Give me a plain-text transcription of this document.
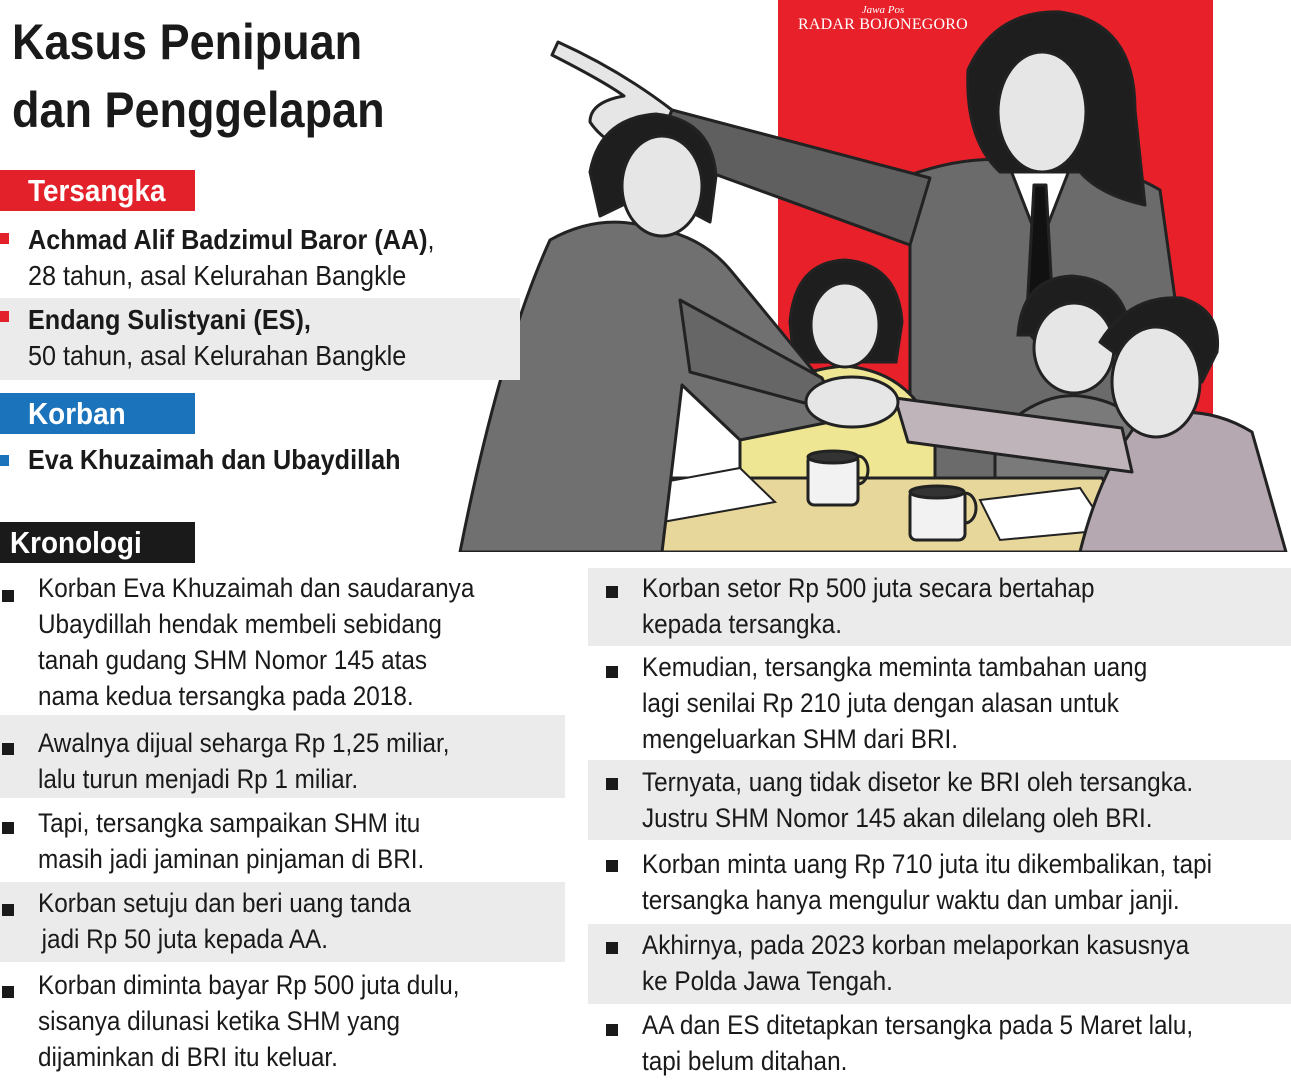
Jawa Pos
RADAR BOJONEGORO
Kasus Penipuan
dan Penggelapan
Tersangka
Achmad Alif Badzimul Baror (AA),
28 tahun, asal Kelurahan Bangkle
Endang Sulistyani (ES),
50 tahun, asal Kelurahan Bangkle
Korban
Eva Khuzaimah dan Ubaydillah
Kronologi
Korban Eva Khuzaimah dan saudaranya
Ubaydillah hendak membeli sebidang
tanah gudang SHM Nomor 145 atas
nama kedua tersangka pada 2018.
Awalnya dijual seharga Rp 1,25 miliar,
lalu turun menjadi Rp 1 miliar.
Tapi, tersangka sampaikan SHM itu
masih jadi jaminan pinjaman di BRI.
Korban setuju dan beri uang tanda
jadi Rp 50 juta kepada AA.
Korban diminta bayar Rp 500 juta dulu,
sisanya dilunasi ketika SHM yang
dijaminkan di BRI itu keluar.
Korban setor Rp 500 juta secara bertahap
kepada tersangka.
Kemudian, tersangka meminta tambahan uang
lagi senilai Rp 210 juta dengan alasan untuk
mengeluarkan SHM dari BRI.
Ternyata, uang tidak disetor ke BRI oleh tersangka.
Justru SHM Nomor 145 akan dilelang oleh BRI.
Korban minta uang Rp 710 juta itu dikembalikan, tapi
tersangka hanya mengulur waktu dan umbar janji.
Akhirnya, pada 2023 korban melaporkan kasusnya
ke Polda Jawa Tengah.
AA dan ES ditetapkan tersangka pada 5 Maret lalu,
tapi belum ditahan.
